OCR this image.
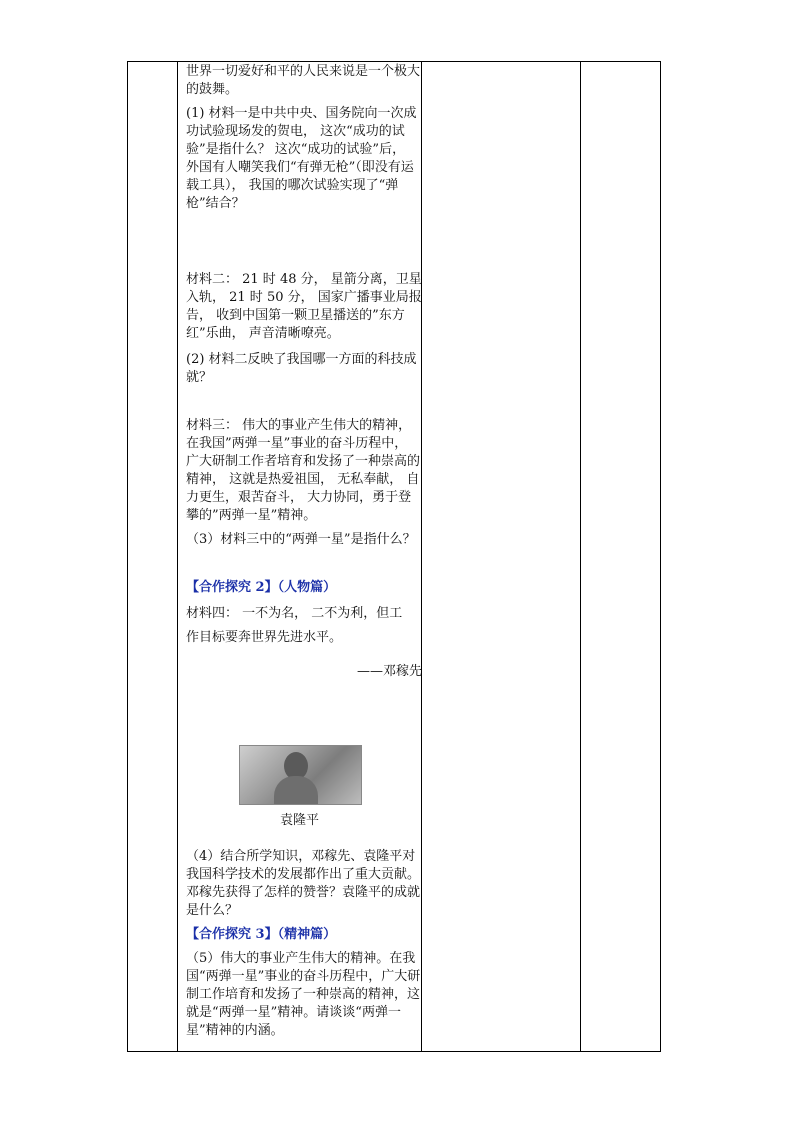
世界一切爱好和平的人民来说是一个极大的鼓舞。

(1) 材料一是中共中央、国务院向一次成功试验现场发的贺电， 这次“成功的试验”是指什么？ 这次“成功的试验”后， 外国有人嘲笑我们“有弹无枪”（即没有运载工具）， 我国的哪次试验实现了“弹枪”结合？

材料二： 21 时 48 分， 星箭分离，卫星入轨， 21 时 50 分， 国家广播事业局报告， 收到中国第一颗卫星播送的”东方红”乐曲， 声音清晰嘹亮。

(2) 材料二反映了我国哪一方面的科技成就？

材料三： 伟大的事业产生伟大的精神， 在我国”两弹一星”事业的奋斗历程中， 广大研制工作者培育和发扬了一种崇高的精神， 这就是热爱祖国， 无私奉献， 自力更生，艰苦奋斗， 大力协同，勇于登攀的”两弹一星”精神。

（3）材料三中的“两弹一星”是指什么？

【合作探究 2】（人物篇）

材料四： 一不为名， 二不为利，但工

作目标要奔世界先进水平。

——邓稼先

袁隆平

（4）结合所学知识，邓稼先、袁隆平对我国科学技术的发展都作出了重大贡献。邓稼先获得了怎样的赞誉？袁隆平的成就是什么？

【合作探究 3】（精神篇）

（5）伟大的事业产生伟大的精神。在我国“两弹一星”事业的奋斗历程中，广大研制工作培育和发扬了一种崇高的精神，这就是“两弹一星”精神。请谈谈“两弹一星”精神的内涵。
